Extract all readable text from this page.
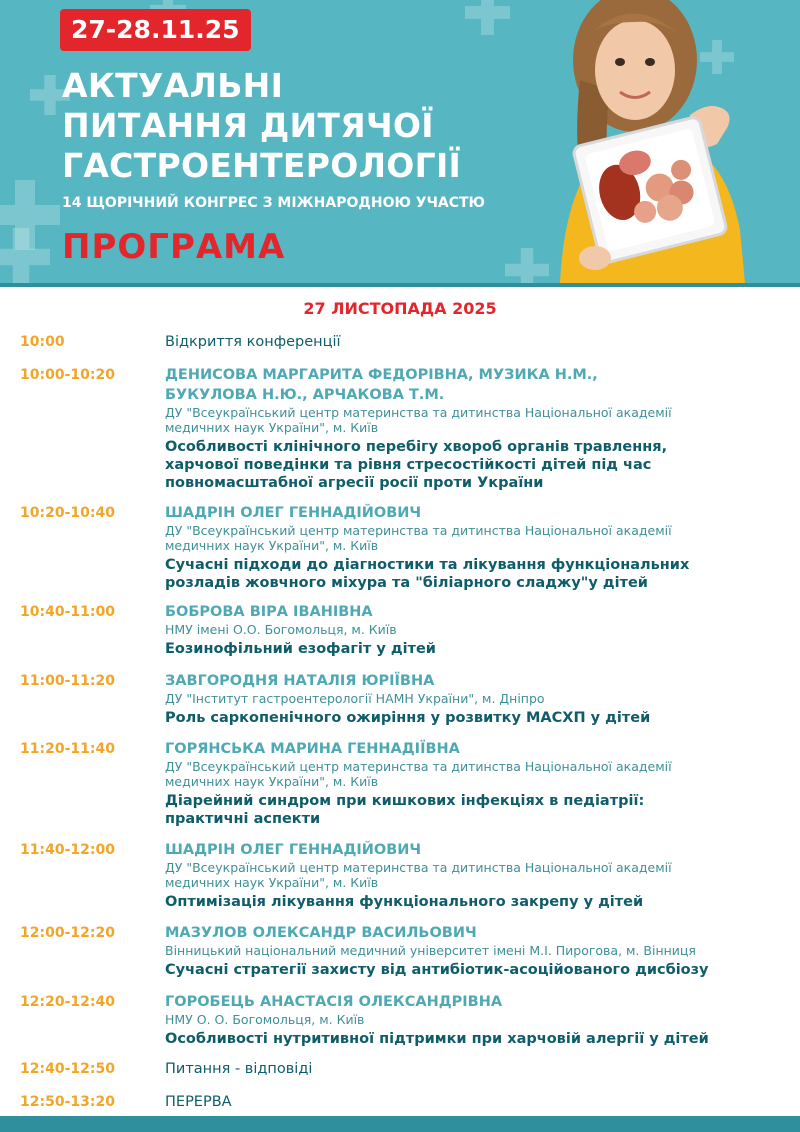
27-28.11.25
АКТУАЛЬНІ
ПИТАННЯ ДИТЯЧОЇ
ГАСТРОЕНТЕРОЛОГІЇ
14 ЩОРІЧНИЙ КОНГРЕС З МІЖНАРОДНОЮ УЧАСТЮ
ПРОГРАМА
27 ЛИСТОПАДА 2025
10:00	Відкриття конференції

10:00-10:20	ДЕНИСОВА МАРГАРИТА ФЕДОРІВНА, МУЗИКА Н.М.,

БУКУЛОВА Н.Ю., АРЧАКОВА Т.М.

ДУ "Всеукраїнський центр материнства та дитинства Національної академії

медичних наук України", м. Київ

Особливості клінічного перебігу хвороб органів травлення,

харчової поведінки та рівня стресостійкості дітей під час

повномасштабної агресії росії проти України

10:20-10:40	ШАДРІН ОЛЕГ ГЕННАДІЙОВИЧ

ДУ "Всеукраїнський центр материнства та дитинства Національної академії

медичних наук України", м. Київ

Сучасні підходи до діагностики та лікування функціональних

розладів жовчного міхура та "біліарного сладжу"у дітей

10:40-11:00	БОБРОВА ВІРА ІВАНІВНА

НМУ імені О.О. Богомольця, м. Київ

Еозинофільний езофагіт у дітей

11:00-11:20	ЗАВГОРОДНЯ НАТАЛІЯ ЮРІЇВНА

ДУ "Інститут гастроентерології НАМН України", м. Дніпро

Роль саркопенічного ожиріння у розвитку МАСХП у дітей

11:20-11:40	ГОРЯНСЬКА МАРИНА ГЕННАДІЇВНА

ДУ "Всеукраїнський центр материнства та дитинства Національної академії

медичних наук України", м. Київ

Діарейний синдром при кишкових інфекціях в педіатрії:

практичні аспекти

11:40-12:00	ШАДРІН ОЛЕГ ГЕННАДІЙОВИЧ

ДУ "Всеукраїнський центр материнства та дитинства Національної академії

медичних наук України", м. Київ

Оптимізація лікування функціонального закрепу у дітей

12:00-12:20	МАЗУЛОВ ОЛЕКСАНДР ВАСИЛЬОВИЧ

Вінницький національний медичний університет імені М.І. Пирогова, м. Вінниця

Сучасні стратегії захисту від антибіотик-асоційованого дисбіозу

12:20-12:40	ГОРОБЕЦЬ АНАСТАСІЯ ОЛЕКСАНДРІВНА

НМУ О. О. Богомольця, м. Київ

Особливості нутритивної підтримки при харчовій алергії у дітей

12:40-12:50	Питання - відповіді

12:50-13:20	ПЕРЕРВА
